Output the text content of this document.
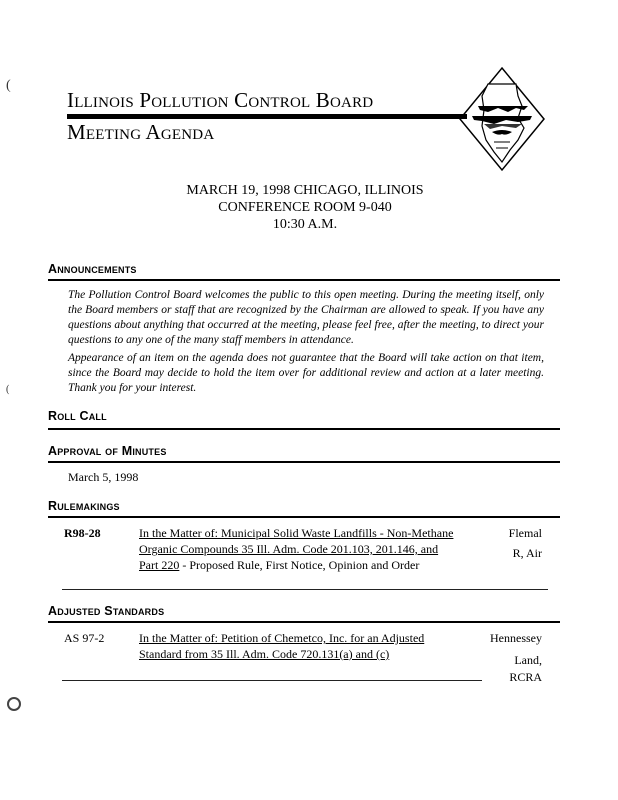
Illinois Pollution Control Board
Meeting Agenda
MARCH 19, 1998 CHICAGO, ILLINOIS
CONFERENCE ROOM 9-040
10:30 A.M.
Announcements
The Pollution Control Board welcomes the public to this open meeting. During the meeting itself, only the Board members or staff that are recognized by the Chairman are allowed to speak. If you have any questions about anything that occurred at the meeting, please feel free, after the meeting, to direct your questions to any one of the many staff members in attendance.
Appearance of an item on the agenda does not guarantee that the Board will take action on that item, since the Board may decide to hold the item over for additional review and action at a later meeting. Thank you for your interest.
Roll Call
Approval of Minutes
March 5, 1998
Rulemakings
R98-28	In the Matter of: Municipal Solid Waste Landfills - Non-Methane Organic Compounds 35 Ill. Adm. Code 201.103, 201.146, and Part 220 - Proposed Rule, First Notice, Opinion and Order
Flemal
R, Air
Adjusted Standards
AS 97-2	In the Matter of: Petition of Chemetco, Inc. for an Adjusted Standard from 35 Ill. Adm. Code 720.131(a) and (c)
Hennessey
Land,
RCRA
(
(
